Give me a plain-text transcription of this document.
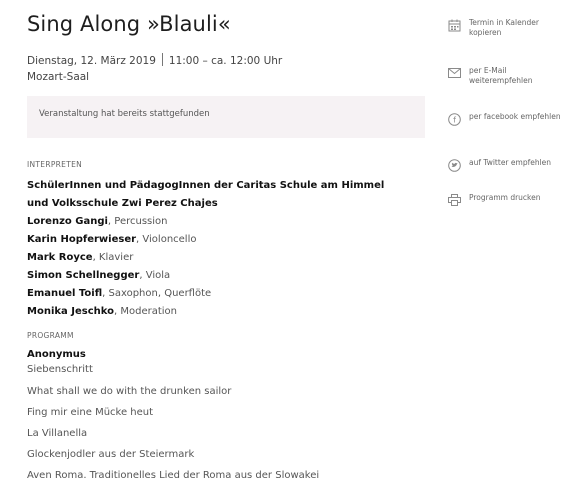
Sing Along »Blauli«
Dienstag, 12. März 2019 11:00 – ca. 12:00 Uhr
Mozart-Saal
Veranstaltung hat bereits stattgefunden
INTERPRETEN
SchülerInnen und PädagogInnen der Caritas Schule am Himmel und Volksschule Zwi Perez Chajes
Lorenzo Gangi, Percussion
Karin Hopferwieser, Violoncello
Mark Royce, Klavier
Simon Schellnegger, Viola
Emanuel Toifl, Saxophon, Querflöte
Monika Jeschko, Moderation
PROGRAMM
Anonymus
Siebenschritt
What shall we do with the drunken sailor
Fing mir eine Mücke heut
La Villanella
Glockenjodler aus der Steiermark
Aven Roma. Traditionelles Lied der Roma aus der Slowakei
Termin in Kalender kopieren
per E-Mail weiterempfehlen
f per facebook empfehlen
auf Twitter empfehlen
Programm drucken
